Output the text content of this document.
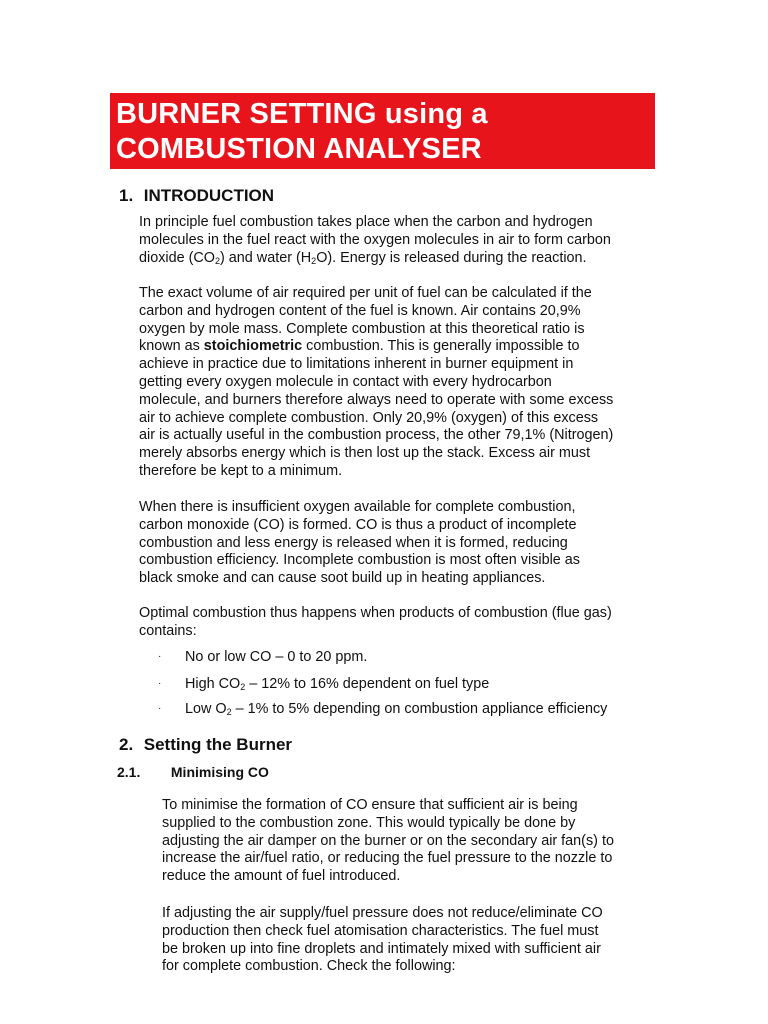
BURNER SETTING using a
COMBUSTION ANALYSER
1. INTRODUCTION
In principle fuel combustion takes place when the carbon and hydrogen
molecules in the fuel react with the oxygen molecules in air to form carbon
dioxide $(CO_2)$ and water $(H_2O)$. Energy is released during the reaction.
The exact volume of air required per unit of fuel can be calculated if the
carbon and hydrogen content of the fuel is known. Air contains 20,9%
oxygen by mole mass. Complete combustion at this theoretical ratio is
known as stoichiometric combustion. This is generally impossible to
achieve in practice due to limitations inherent in burner equipment in
getting every oxygen molecule in contact with every hydrocarbon
molecule, and burners therefore always need to operate with some excess
air to achieve complete combustion. Only 20,9% (oxygen) of this excess
air is actually useful in the combustion process, the other 79,1% (Nitrogen)
merely absorbs energy which is then lost up the stack. Excess air must
therefore be kept to a minimum.
When there is insufficient oxygen available for complete combustion,
carbon monoxide (CO) is formed. CO is thus a product of incomplete
combustion and less energy is released when it is formed, reducing
combustion efficiency. Incomplete combustion is most often visible as
black smoke and can cause soot build up in heating appliances.
Optimal combustion thus happens when products of combustion (flue gas)
contains:
· No or low CO – 0 to 20 ppm.
· High $CO_2 - 12\%$ to 16% dependent on fuel type
· Low $O_2 - 1\%$ to 5% depending on combustion appliance efficiency
2. Setting the Burner
2.1. Minimising CO
To minimise the formation of CO ensure that sufficient air is being
supplied to the combustion zone. This would typically be done by
adjusting the air damper on the burner or on the secondary air fan(s) to
increase the air/fuel ratio, or reducing the fuel pressure to the nozzle to
reduce the amount of fuel introduced.
If adjusting the air supply/fuel pressure does not reduce/eliminate CO
production then check fuel atomisation characteristics. The fuel must
be broken up into fine droplets and intimately mixed with sufficient air
for complete combustion. Check the following:
